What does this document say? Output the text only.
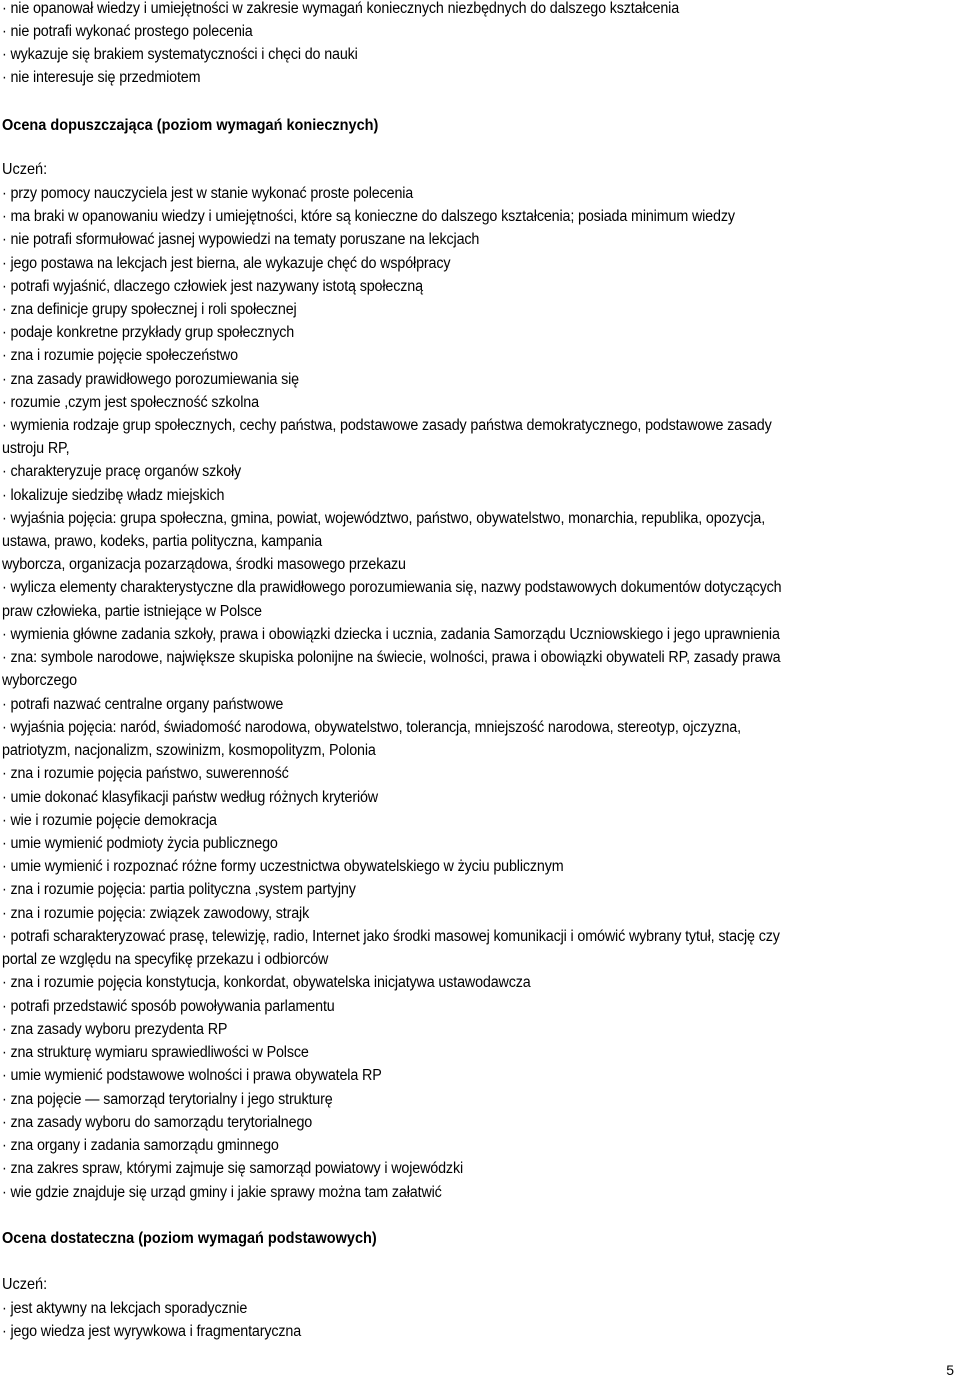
· nie opanował wiedzy i umiejętności w zakresie wymagań koniecznych niezbędnych do dalszego kształcenia
· nie potrafi wykonać prostego polecenia
· wykazuje się brakiem systematyczności i chęci do nauki
· nie interesuje się przedmiotem
Ocena dopuszczająca (poziom wymagań koniecznych)
Uczeń:
· przy pomocy nauczyciela jest w stanie wykonać proste polecenia
· ma braki w opanowaniu wiedzy i umiejętności, które są konieczne do dalszego kształcenia; posiada minimum wiedzy
· nie potrafi sformułować jasnej wypowiedzi na tematy poruszane na lekcjach
· jego postawa na lekcjach jest bierna, ale wykazuje chęć do współpracy
· potrafi wyjaśnić, dlaczego człowiek jest nazywany istotą społeczną
· zna definicje grupy społecznej i roli społecznej
· podaje konkretne przykłady grup społecznych
· zna i rozumie pojęcie społeczeństwo
· zna zasady prawidłowego porozumiewania się
· rozumie ,czym jest społeczność szkolna
· wymienia rodzaje grup społecznych, cechy państwa, podstawowe zasady państwa demokratycznego, podstawowe zasady
ustroju RP,
· charakteryzuje pracę organów szkoły
· lokalizuje siedzibę władz miejskich
· wyjaśnia pojęcia: grupa społeczna, gmina, powiat, województwo, państwo, obywatelstwo, monarchia, republika, opozycja,
ustawa, prawo, kodeks, partia polityczna, kampania
wyborcza, organizacja pozarządowa, środki masowego przekazu
· wylicza elementy charakterystyczne dla prawidłowego porozumiewania się, nazwy podstawowych dokumentów dotyczących
praw człowieka, partie istniejące w Polsce
· wymienia główne zadania szkoły, prawa i obowiązki dziecka i ucznia, zadania Samorządu Uczniowskiego i jego uprawnienia
· zna: symbole narodowe, największe skupiska polonijne na świecie, wolności, prawa i obowiązki obywateli RP, zasady prawa
wyborczego
· potrafi nazwać centralne organy państwowe
· wyjaśnia pojęcia: naród, świadomość narodowa, obywatelstwo, tolerancja, mniejszość narodowa, stereotyp, ojczyzna,
patriotyzm, nacjonalizm, szowinizm, kosmopolityzm, Polonia
· zna i rozumie pojęcia państwo, suwerenność
· umie dokonać klasyfikacji państw według różnych kryteriów
· wie i rozumie pojęcie demokracja
· umie wymienić podmioty życia publicznego
· umie wymienić i rozpoznać różne formy uczestnictwa obywatelskiego w życiu publicznym
· zna i rozumie pojęcia: partia polityczna ,system partyjny
· zna i rozumie pojęcia: związek zawodowy, strajk
· potrafi scharakteryzować prasę, telewizję, radio, Internet jako środki masowej komunikacji i omówić wybrany tytuł, stację czy
portal ze względu na specyfikę przekazu i odbiorców
· zna i rozumie pojęcia konstytucja, konkordat, obywatelska inicjatywa ustawodawcza
· potrafi przedstawić sposób powoływania parlamentu
· zna zasady wyboru prezydenta RP
· zna strukturę wymiaru sprawiedliwości w Polsce
· umie wymienić podstawowe wolności i prawa obywatela RP
· zna pojęcie — samorząd terytorialny i jego strukturę
· zna zasady wyboru do samorządu terytorialnego
· zna organy i zadania samorządu gminnego
· zna zakres spraw, którymi zajmuje się samorząd powiatowy i wojewódzki
· wie gdzie znajduje się urząd gminy i jakie sprawy można tam załatwić
Ocena dostateczna (poziom wymagań podstawowych)
Uczeń:
· jest aktywny na lekcjach sporadycznie
· jego wiedza jest wyrywkowa i fragmentaryczna
5
